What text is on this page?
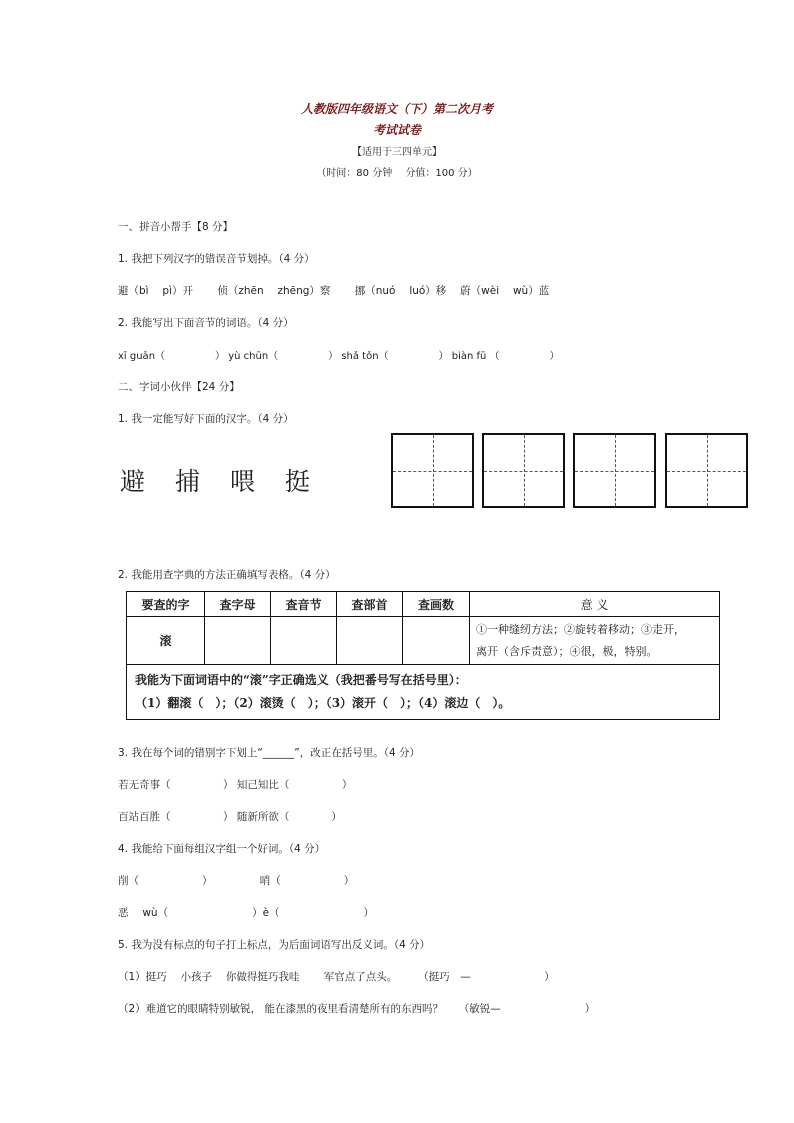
人教版四年级语文（下）第二次月考
考试试卷
【适用于三四单元】
（时间：80 分钟　 分值：100 分）
一、拼音小帮手【8 分】
1. 我把下列汉字的错误音节划掉。（4 分）
避（bì　 pì）开　　 侦（zhēn　 zhēng）察　　 挪（nuó　 luó）移　 蔚（wèi　 wù）蓝
2. 我能写出下面音节的词语。（4 分）
xī guān（　　　　　） yù chūn（　　　　　） shǎ tǒn（　　　　　） biàn fū （　　　　　）
二、字词小伙伴【24 分】
1. 我一定能写好下面的汉字。（4 分）
避 捕 喂 挺
2. 我能用查字典的方法正确填写表格。（4 分）
要查的字	查字母	查音节	查部首	查画数	意 义
滚					①一种缝纫方法；②旋转着移动；③走开，
离开（含斥责意）；④很，极，特别。

我能为下面词语中的“滚”字正确选义（我把番号写在括号里）：
（1）翻滚（　）；（2）滚烫（　）；（3）滚开（　）；（4）滚边（　）。					
3. 我在每个词的错别字下划上“______”，改正在括号里。（4 分）
若无奇事（　　　　　） 知己知比（　　　　　）
百站百胜（　　　　　） 随新所欲（　　　　）
4. 我能给下面每组汉字组一个好词。（4 分）
削（　　　　　　）　　　　　哨（　　　　　　）
恶　 wù（　　　　　　　　）è（　　　　　　　　）
5. 我为没有标点的句子打上标点，为后面词语写出反义词。（4 分）
（1）挺巧　 小孩子　 你做得挺巧我哇　　 军官点了点头。　　　（挺巧　—　　　　　　　）
（2）难道它的眼睛特别敏锐， 能在漆黑的夜里看清楚所有的东西吗？　　（敏锐—　　　　　　　　）
